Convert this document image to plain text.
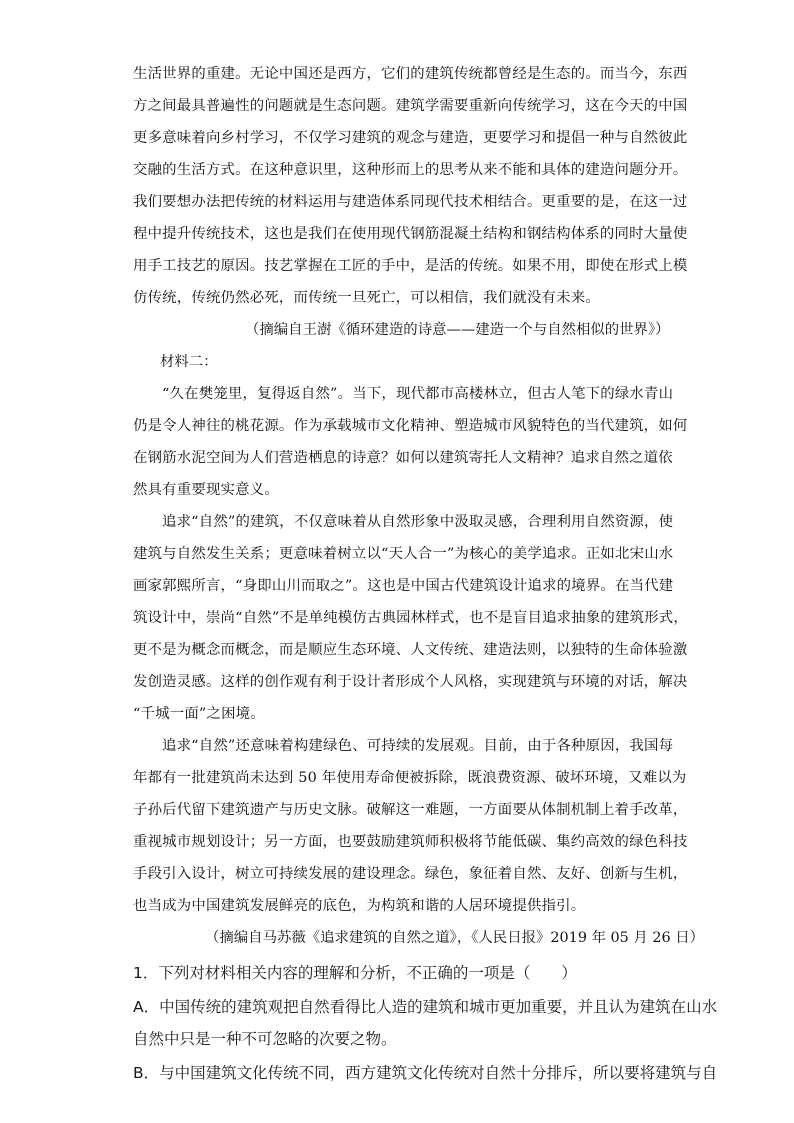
生活世界的重建。无论中国还是西方，它们的建筑传统都曾经是生态的。而当今，东西
方之间最具普遍性的问题就是生态问题。建筑学需要重新向传统学习，这在今天的中国
更多意味着向乡村学习，不仅学习建筑的观念与建造，更要学习和提倡一种与自然彼此
交融的生活方式。在这种意识里，这种形而上的思考从来不能和具体的建造问题分开。
我们要想办法把传统的材料运用与建造体系同现代技术相结合。更重要的是，在这一过
程中提升传统技术，这也是我们在使用现代钢筋混凝土结构和钢结构体系的同时大量使
用手工技艺的原因。技艺掌握在工匠的手中，是活的传统。如果不用，即使在形式上模
仿传统，传统仍然必死，而传统一旦死亡，可以相信，我们就没有未来。
（摘编自王澍《循环建造的诗意——建造一个与自然相似的世界》）
材料二：
“久在樊笼里，复得返自然”。当下，现代都市高楼林立，但古人笔下的绿水青山
仍是令人神往的桃花源。作为承载城市文化精神、塑造城市风貌特色的当代建筑，如何
在钢筋水泥空间为人们营造栖息的诗意？如何以建筑寄托人文精神？追求自然之道依
然具有重要现实意义。
追求“自然”的建筑，不仅意味着从自然形象中汲取灵感，合理利用自然资源，使
建筑与自然发生关系；更意味着树立以“天人合一”为核心的美学追求。正如北宋山水
画家郭熙所言，“身即山川而取之”。这也是中国古代建筑设计追求的境界。在当代建
筑设计中，崇尚“自然”不是单纯模仿古典园林样式，也不是盲目追求抽象的建筑形式，
更不是为概念而概念，而是顺应生态环境、人文传统、建造法则，以独特的生命体验激
发创造灵感。这样的创作观有利于设计者形成个人风格，实现建筑与环境的对话，解决
“千城一面”之困境。
追求“自然”还意味着构建绿色、可持续的发展观。目前，由于各种原因，我国每
年都有一批建筑尚未达到 50 年使用寿命便被拆除，既浪费资源、破坏环境，又难以为
子孙后代留下建筑遗产与历史文脉。破解这一难题，一方面要从体制机制上着手改革，
重视城市规划设计；另一方面，也要鼓励建筑师积极将节能低碳、集约高效的绿色科技
手段引入设计，树立可持续发展的建设理念。绿色，象征着自然、友好、创新与生机，
也当成为中国建筑发展鲜亮的底色，为构筑和谐的人居环境提供指引。
（摘编自马苏薇《追求建筑的自然之道》，《人民日报》2019 年 05 月 26 日）
1．下列对材料相关内容的理解和分析，不正确的一项是（　　）
A．中国传统的建筑观把自然看得比人造的建筑和城市更加重要，并且认为建筑在山水
自然中只是一种不可忽略的次要之物。
B．与中国建筑文化传统不同，西方建筑文化传统对自然十分排斥，所以要将建筑与自
